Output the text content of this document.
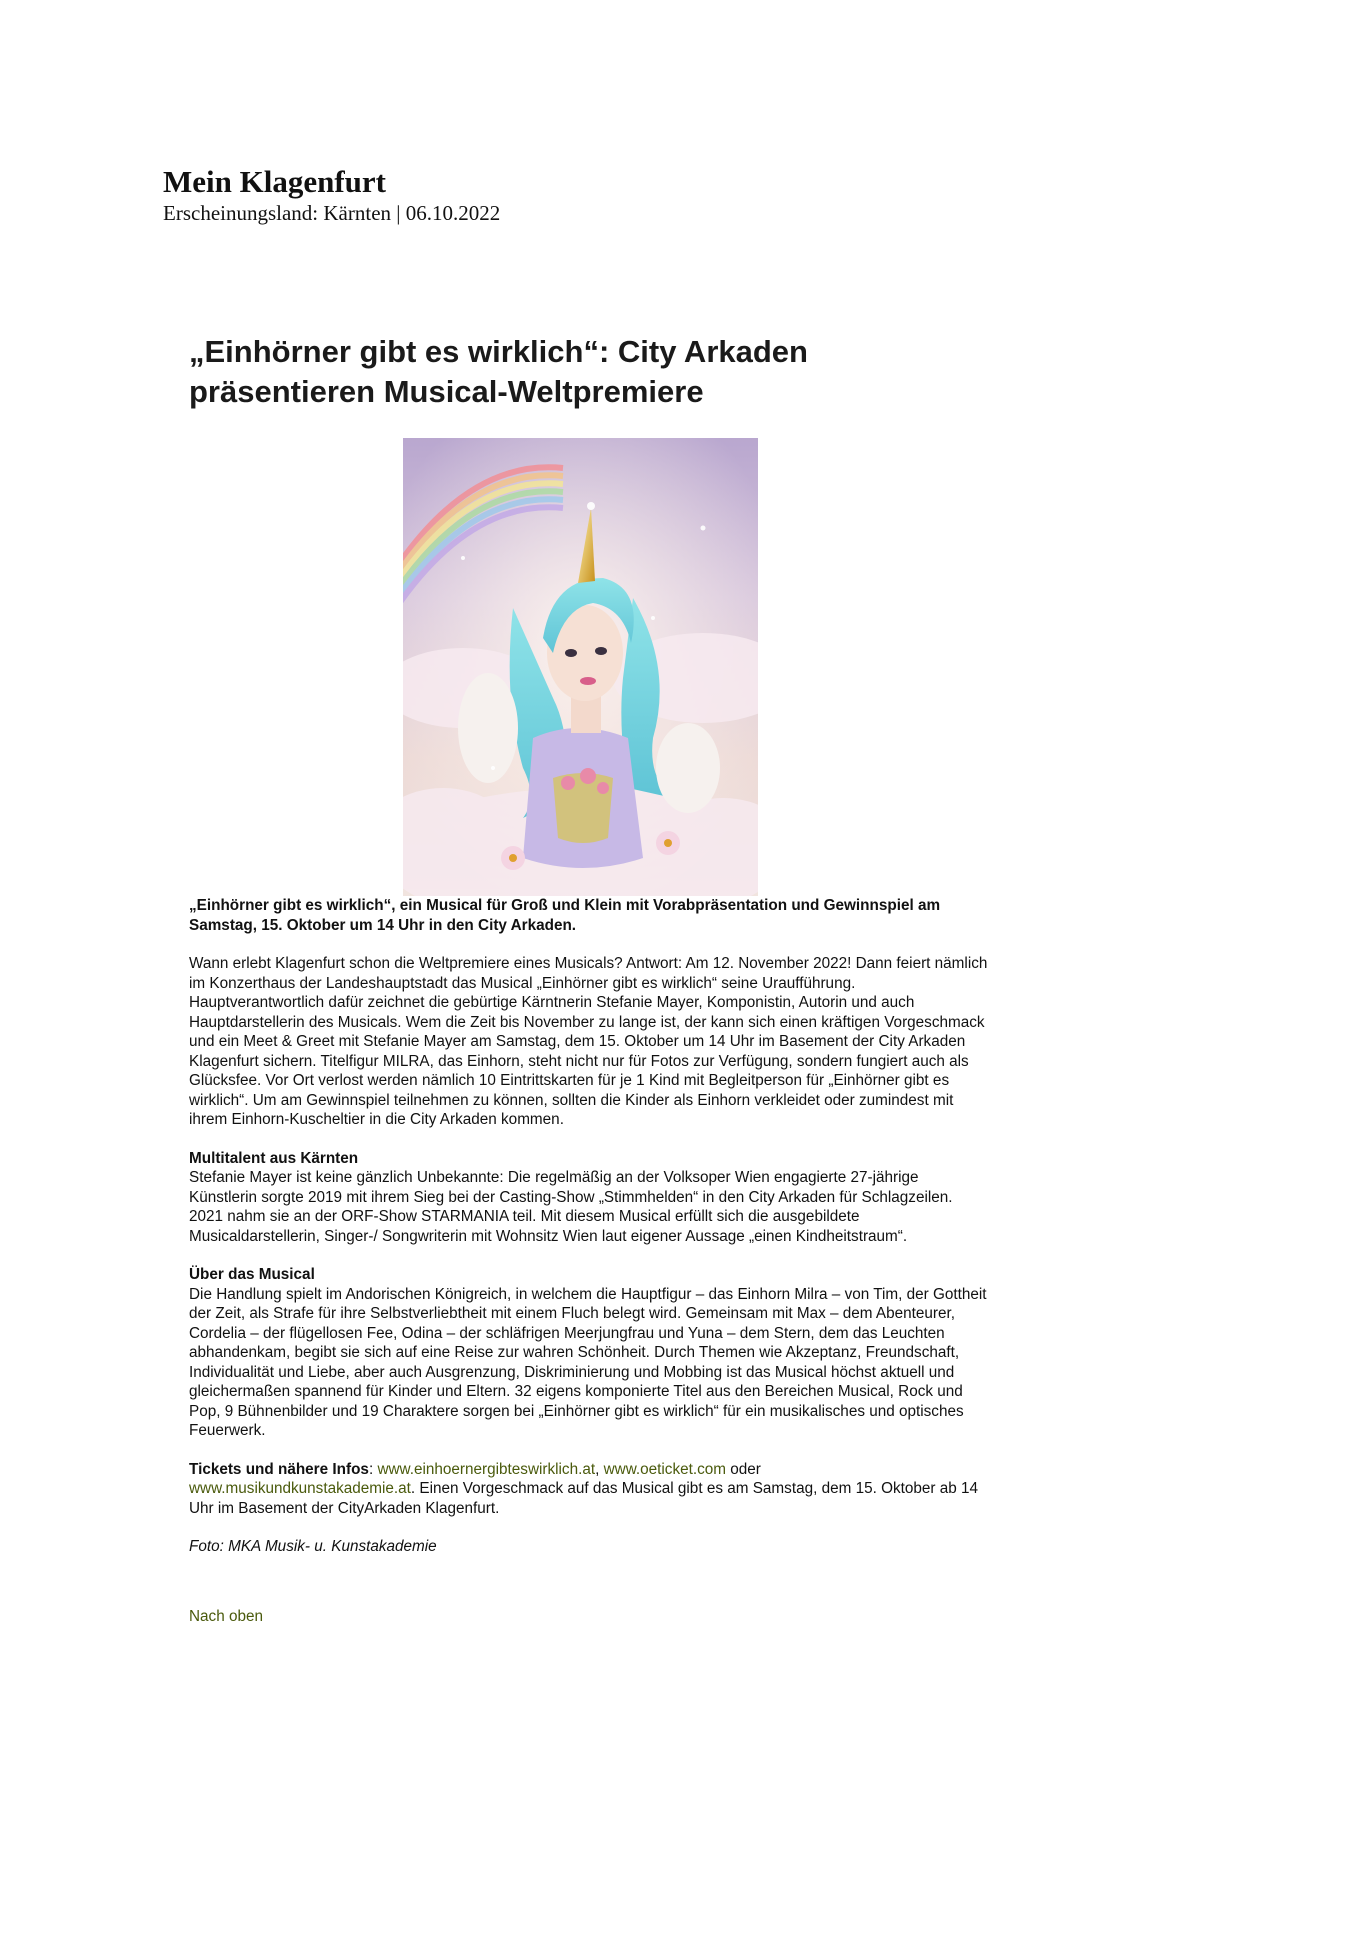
Mein Klagenfurt

Erscheinungsland: Kärnten | 06.10.2022

„Einhörner gibt es wirklich“: City Arkaden präsentieren Musical-Weltpremiere

„Einhörner gibt es wirklich“, ein Musical für Groß und Klein mit Vorabpräsentation und Gewinnspiel am Samstag, 15. Oktober um 14 Uhr in den City Arkaden.

Wann erlebt Klagenfurt schon die Weltpremiere eines Musicals? Antwort: Am 12. November 2022! Dann feiert nämlich im Konzerthaus der Landeshauptstadt das Musical „Einhörner gibt es wirklich“ seine Uraufführung. Hauptverantwortlich dafür zeichnet die gebürtige Kärntnerin Stefanie Mayer, Komponistin, Autorin und auch Hauptdarstellerin des Musicals. Wem die Zeit bis November zu lange ist, der kann sich einen kräftigen Vorgeschmack und ein Meet & Greet mit Stefanie Mayer am Samstag, dem 15. Oktober um 14 Uhr im Basement der City Arkaden Klagenfurt sichern. Titelfigur MILRA, das Einhorn, steht nicht nur für Fotos zur Verfügung, sondern fungiert auch als Glücksfee. Vor Ort verlost werden nämlich 10 Eintrittskarten für je 1 Kind mit Begleitperson für „Einhörner gibt es wirklich“. Um am Gewinnspiel teilnehmen zu können, sollten die Kinder als Einhorn verkleidet oder zumindest mit ihrem Einhorn-Kuscheltier in die City Arkaden kommen.

Multitalent aus Kärnten

Stefanie Mayer ist keine gänzlich Unbekannte: Die regelmäßig an der Volksoper Wien engagierte 27-jährige Künstlerin sorgte 2019 mit ihrem Sieg bei der Casting-Show „Stimmhelden“ in den City Arkaden für Schlagzeilen. 2021 nahm sie an der ORF-Show STARMANIA teil. Mit diesem Musical erfüllt sich die ausgebildete Musicaldarstellerin, Singer-/ Songwriterin mit Wohnsitz Wien laut eigener Aussage „einen Kindheitstraum“.

Über das Musical

Die Handlung spielt im Andorischen Königreich, in welchem die Hauptfigur – das Einhorn Milra – von Tim, der Gottheit der Zeit, als Strafe für ihre Selbstverliebtheit mit einem Fluch belegt wird. Gemeinsam mit Max – dem Abenteurer, Cordelia – der flügellosen Fee, Odina – der schläfrigen Meerjungfrau und Yuna – dem Stern, dem das Leuchten abhandenkam, begibt sie sich auf eine Reise zur wahren Schönheit. Durch Themen wie Akzeptanz, Freundschaft, Individualität und Liebe, aber auch Ausgrenzung, Diskriminierung und Mobbing ist das Musical höchst aktuell und gleichermaßen spannend für Kinder und Eltern. 32 eigens komponierte Titel aus den Bereichen Musical, Rock und Pop, 9 Bühnenbilder und 19 Charaktere sorgen bei „Einhörner gibt es wirklich“ für ein musikalisches und optisches Feuerwerk.

Tickets und nähere Infos: www.einhoernergibteswirklich.at, www.oeticket.com oder www.musikundkunstakademie.at. Einen Vorgeschmack auf das Musical gibt es am Samstag, dem 15. Oktober ab 14 Uhr im Basement der CityArkaden Klagenfurt.

Foto: MKA Musik- u. Kunstakademie

Nach oben
